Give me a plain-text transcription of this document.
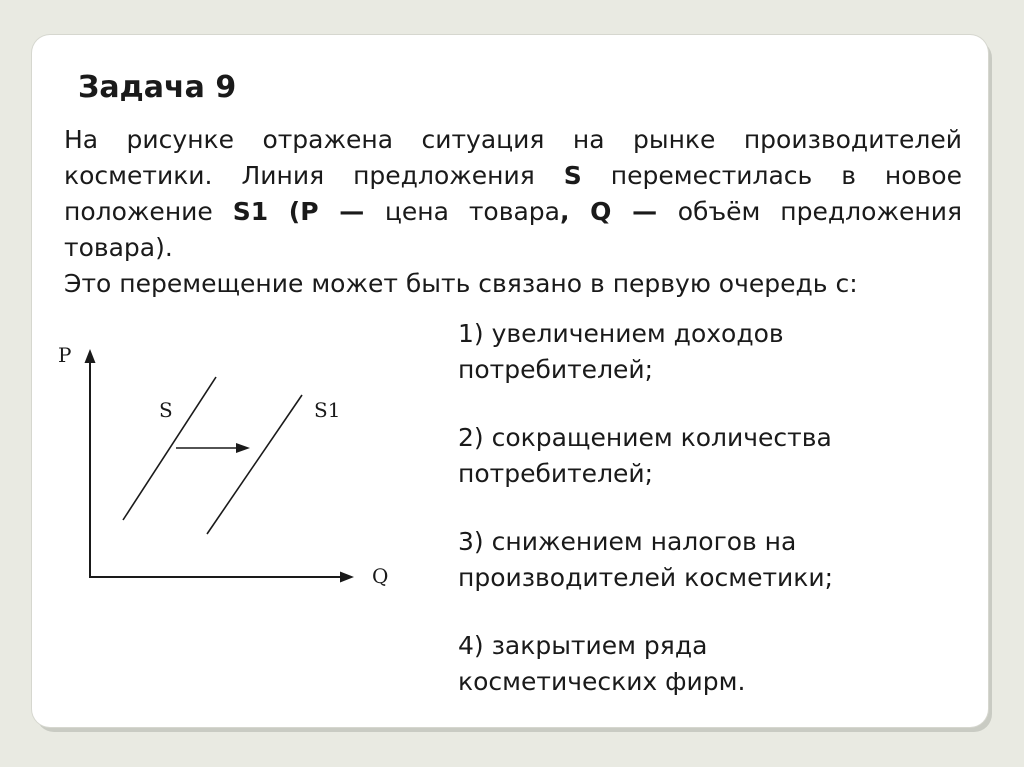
Задача 9
На рисунке отражена ситуация на рынке производителей
косметики. Линия предложения S переместилась в новое
положение S1 (P — цена товара, Q — объём предложения
товара).
Это перемещение может быть связано в первую очередь с:
P
Q
S	S1
1) увеличением доходов
потребителей;
2) сокращением количества
потребителей;
3) снижением налогов на
производителей косметики;
4) закрытием ряда
косметических фирм.
